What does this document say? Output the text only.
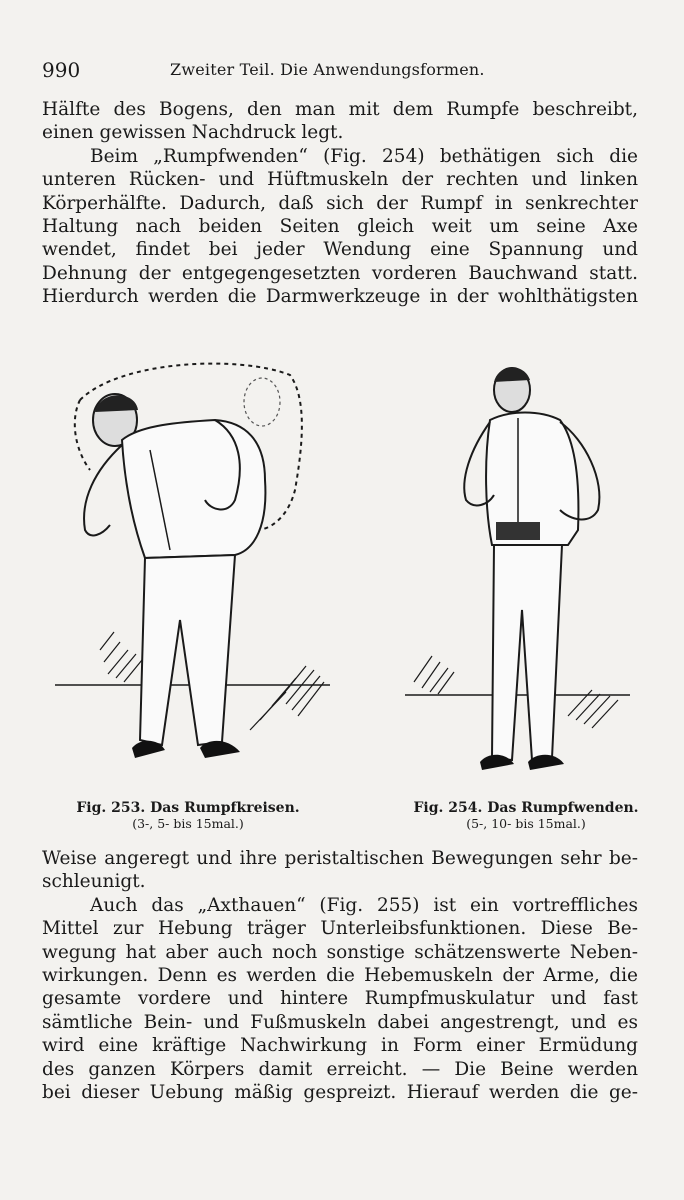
990	Zweiter Teil. Die Anwendungsformen.
Hälfte des Bogens, den man mit dem Rumpfe beschreibt,
einen gewissen Nachdruck legt.
Beim „Rumpfwenden“ (Fig. 254) bethätigen sich die
unteren Rücken- und Hüftmuskeln der rechten und linken
Körperhälfte. Dadurch, daß sich der Rumpf in senkrechter
Haltung nach beiden Seiten gleich weit um seine Axe
wendet, findet bei jeder Wendung eine Spannung und
Dehnung der entgegengesetzten vorderen Bauchwand statt.
Hierdurch werden die Darmwerkzeuge in der wohlthätigsten
Fig. 253. Das Rumpfkreisen.
(3-, 5- bis 15mal.)
Fig. 254. Das Rumpfwenden.
(5-, 10- bis 15mal.)
Weise angeregt und ihre peristaltischen Bewegungen sehr be-
schleunigt.
Auch das „Axthauen“ (Fig. 255) ist ein vortreffliches
Mittel zur Hebung träger Unterleibsfunktionen. Diese Be-
wegung hat aber auch noch sonstige schätzenswerte Neben-
wirkungen. Denn es werden die Hebemuskeln der Arme, die
gesamte vordere und hintere Rumpfmuskulatur und fast
sämtliche Bein- und Fußmuskeln dabei angestrengt, und es
wird eine kräftige Nachwirkung in Form einer Ermüdung
des ganzen Körpers damit erreicht. — Die Beine werden
bei dieser Uebung mäßig gespreizt. Hierauf werden die ge-
